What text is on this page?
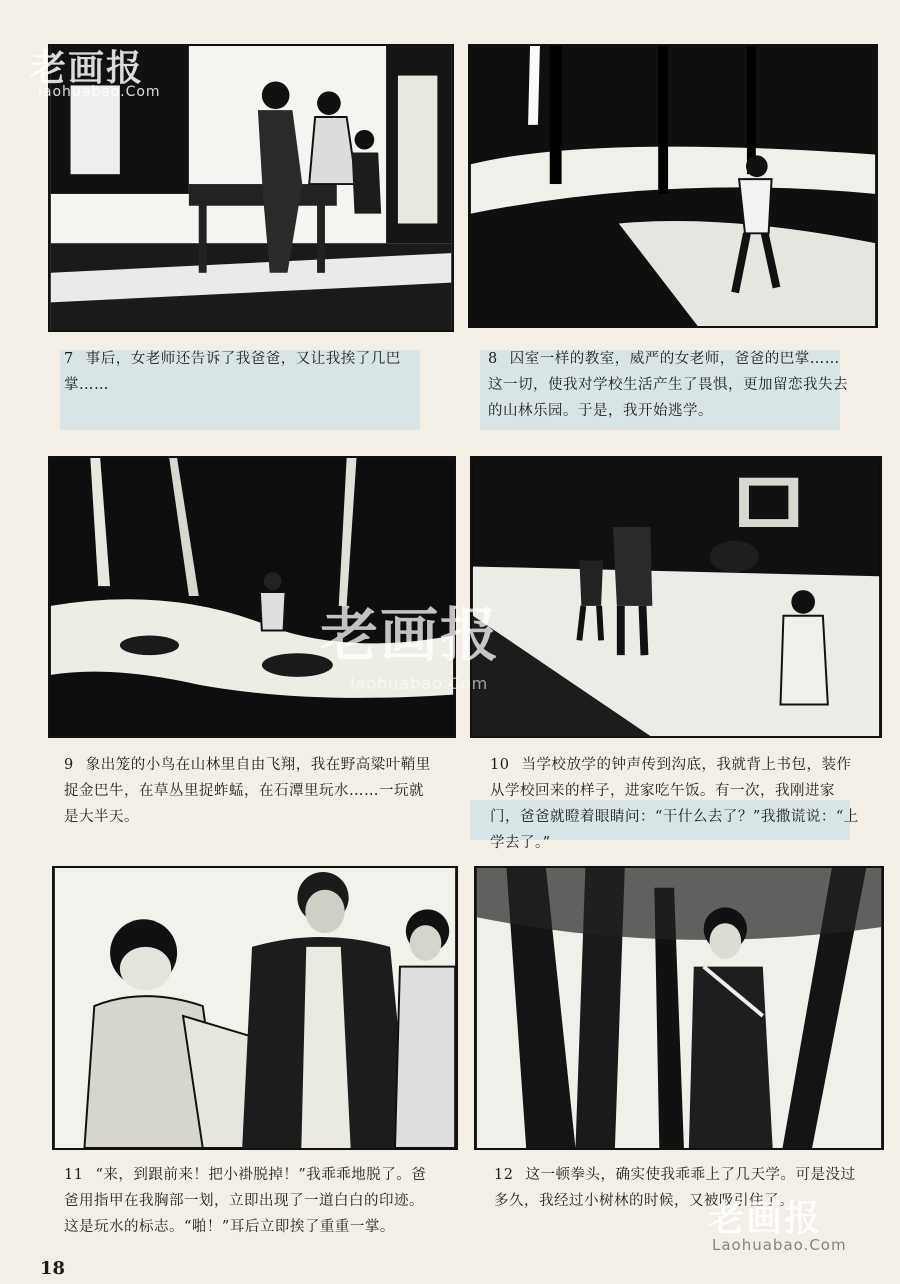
7 事后，女老师还告诉了我爸爸，又让我挨了几巴掌……
8 囚室一样的教室，威严的女老师，爸爸的巴掌……这一切，使我对学校生活产生了畏惧，更加留恋我失去的山林乐园。于是，我开始逃学。
9 象出笼的小鸟在山林里自由飞翔，我在野高粱叶鞘里捉金巴牛，在草丛里捉蚱蜢，在石潭里玩水……一玩就是大半天。
10 当学校放学的钟声传到沟底，我就背上书包，装作从学校回来的样子，进家吃午饭。有一次，我刚进家门，爸爸就瞪着眼睛问：“干什么去了？”我撒谎说：“上学去了。”
11 “来，到跟前来！把小褂脱掉！”我乖乖地脱了。爸爸用指甲在我胸部一划，立即出现了一道白白的印迹。这是玩水的标志。“啪！”耳后立即挨了重重一掌。
12 这一顿拳头，确实使我乖乖上了几天学。可是没过多久，我经过小树林的时候，又被吸引住了。
老画报
laohuabao.Com
老画报
laohuabao.Com
老画报
Laohuabao.Com
18
